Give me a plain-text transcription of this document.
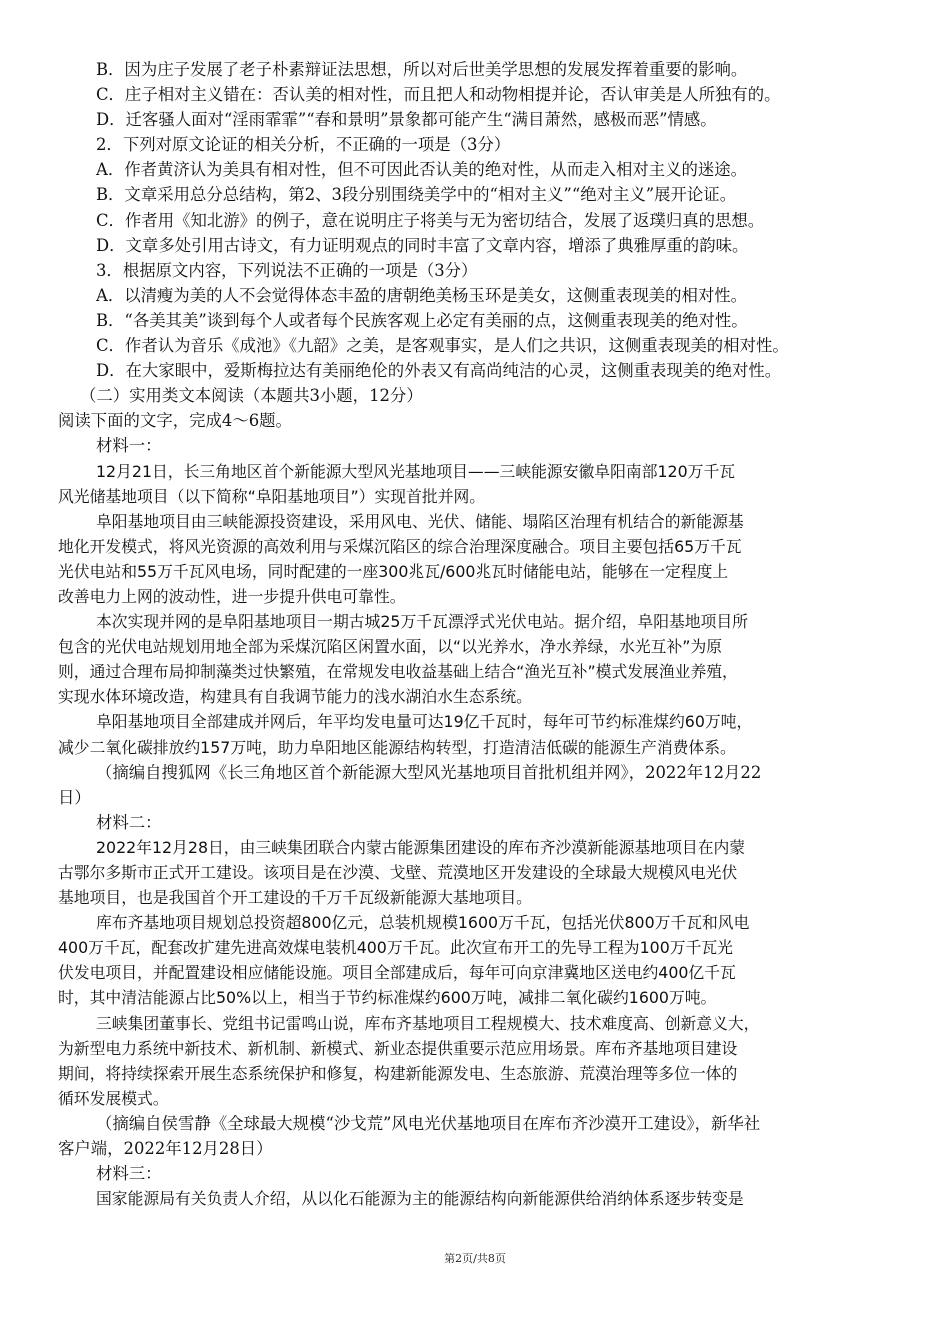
B．因为庄子发展了老子朴素辩证法思想，所以对后世美学思想的发展发挥着重要的影响。
C．庄子相对主义错在：否认美的相对性，而且把人和动物相提并论，否认审美是人所独有的。
D．迁客骚人面对“淫雨霏霏”“春和景明”景象都可能产生“满目萧然，感极而恶”情感。
2．下列对原文论证的相关分析，不正确的一项是（3分）
A．作者黄济认为美具有相对性，但不可因此否认美的绝对性，从而走入相对主义的迷途。
B．文章采用总分总结构，第2、3段分别围绕美学中的“相对主义”“绝对主义”展开论证。
C．作者用《知北游》的例子，意在说明庄子将美与无为密切结合，发展了返璞归真的思想。
D．文章多处引用古诗文，有力证明观点的同时丰富了文章内容，增添了典雅厚重的韵味。
3．根据原文内容，下列说法不正确的一项是（3分）
A．以清瘦为美的人不会觉得体态丰盈的唐朝绝美杨玉环是美女，这侧重表现美的相对性。
B．“各美其美”谈到每个人或者每个民族客观上必定有美丽的点，这侧重表现美的绝对性。
C．作者认为音乐《成池》《九韶》之美，是客观事实，是人们之共识，这侧重表现美的相对性。
D．在大家眼中，爱斯梅拉达有美丽绝伦的外表又有高尚纯洁的心灵，这侧重表现美的绝对性。
（二）实用类文本阅读（本题共3小题，12分）
阅读下面的文字，完成4～6题。
材料一：
12月21日，长三角地区首个新能源大型风光基地项目——三峡能源安徽阜阳南部120万千瓦
风光储基地项目（以下简称“阜阳基地项目”）实现首批并网。
阜阳基地项目由三峡能源投资建设，采用风电、光伏、储能、塌陷区治理有机结合的新能源基
地化开发模式，将风光资源的高效利用与采煤沉陷区的综合治理深度融合。项目主要包括65万千瓦
光伏电站和55万千瓦风电场，同时配建的一座300兆瓦/600兆瓦时储能电站，能够在一定程度上
改善电力上网的波动性，进一步提升供电可靠性。
本次实现并网的是阜阳基地项目一期古城25万千瓦漂浮式光伏电站。据介绍，阜阳基地项目所
包含的光伏电站规划用地全部为采煤沉陷区闲置水面，以“以光养水，净水养绿，水光互补”为原
则，通过合理布局抑制藻类过快繁殖，在常规发电收益基础上结合“渔光互补”模式发展渔业养殖，
实现水体环境改造，构建具有自我调节能力的浅水湖泊水生态系统。
阜阳基地项目全部建成并网后，年平均发电量可达19亿千瓦时，每年可节约标准煤约60万吨，
减少二氧化碳排放约157万吨，助力阜阳地区能源结构转型，打造清洁低碳的能源生产消费体系。
（摘编自搜狐网《长三角地区首个新能源大型风光基地项目首批机组并网》，2022年12月22
日）
材料二：
2022年12月28日，由三峡集团联合内蒙古能源集团建设的库布齐沙漠新能源基地项目在内蒙
古鄂尔多斯市正式开工建设。该项目是在沙漠、戈壁、荒漠地区开发建设的全球最大规模风电光伏
基地项目，也是我国首个开工建设的千万千瓦级新能源大基地项目。
库布齐基地项目规划总投资超800亿元，总装机规模1600万千瓦，包括光伏800万千瓦和风电
400万千瓦，配套改扩建先进高效煤电装机400万千瓦。此次宣布开工的先导工程为100万千瓦光
伏发电项目，并配置建设相应储能设施。项目全部建成后，每年可向京津冀地区送电约400亿千瓦
时，其中清洁能源占比50%以上，相当于节约标准煤约600万吨，减排二氧化碳约1600万吨。
三峡集团董事长、党组书记雷鸣山说，库布齐基地项目工程规模大、技术难度高、创新意义大，
为新型电力系统中新技术、新机制、新模式、新业态提供重要示范应用场景。库布齐基地项目建设
期间，将持续探索开展生态系统保护和修复，构建新能源发电、生态旅游、荒漠治理等多位一体的
循环发展模式。
（摘编自侯雪静《全球最大规模“沙戈荒”风电光伏基地项目在库布齐沙漠开工建设》，新华社
客户端，2022年12月28日）
材料三：
国家能源局有关负责人介绍，从以化石能源为主的能源结构向新能源供给消纳体系逐步转变是
第2页/共8页
